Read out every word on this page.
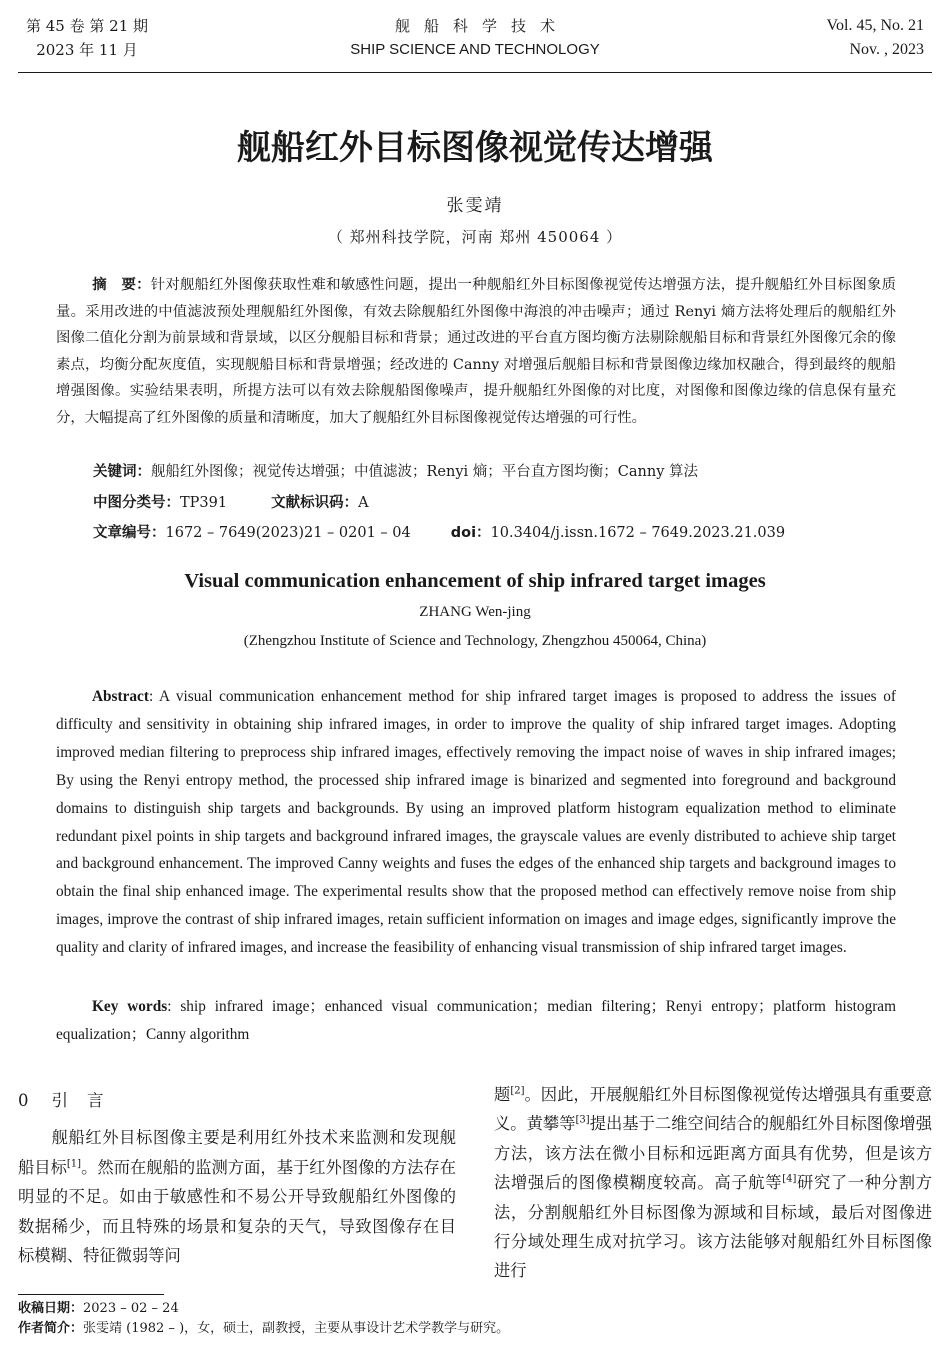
第 45 卷 第 21 期
2023 年 11 月
舰船科学技术
SHIP SCIENCE AND TECHNOLOGY
Vol. 45, No. 21
Nov. , 2023
舰船红外目标图像视觉传达增强
张雯靖
（ 郑州科技学院，河南 郑州 450064 ）
摘　要：针对舰船红外图像获取性难和敏感性问题，提出一种舰船红外目标图像视觉传达增强方法，提升舰船红外目标图象质量。采用改进的中值滤波预处理舰船红外图像，有效去除舰船红外图像中海浪的冲击噪声；通过 Renyi 熵方法将处理后的舰船红外图像二值化分割为前景域和背景域，以区分舰船目标和背景；通过改进的平台直方图均衡方法剔除舰船目标和背景红外图像冗余的像素点，均衡分配灰度值，实现舰船目标和背景增强；经改进的 Canny 对增强后舰船目标和背景图像边缘加权融合，得到最终的舰船增强图像。实验结果表明，所提方法可以有效去除舰船图像噪声，提升舰船红外图像的对比度，对图像和图像边缘的信息保有量充分，大幅提高了红外图像的质量和清晰度，加大了舰船红外目标图像视觉传达增强的可行性。
关键词：舰船红外图像；视觉传达增强；中值滤波；Renyi 熵；平台直方图均衡；Canny 算法
中图分类号：TP391	文献标识码：A
文章编号：1672 – 7649(2023)21 – 0201 – 04	doi：10.3404/j.issn.1672 – 7649.2023.21.039
Visual communication enhancement of ship infrared target images
ZHANG Wen-jing
(Zhengzhou Institute of Science and Technology, Zhengzhou 450064, China)
Abstract: A visual communication enhancement method for ship infrared target images is proposed to address the issues of difficulty and sensitivity in obtaining ship infrared images, in order to improve the quality of ship infrared target images. Adopting improved median filtering to preprocess ship infrared images, effectively removing the impact noise of waves in ship infrared images; By using the Renyi entropy method, the processed ship infrared image is binarized and segmented into foreground and background domains to distinguish ship targets and backgrounds. By using an improved platform histogram equalization method to eliminate redundant pixel points in ship targets and background infrared images, the grayscale values are evenly distributed to achieve ship target and background enhancement. The improved Canny weights and fuses the edges of the enhanced ship targets and background images to obtain the final ship enhanced image. The experimental results show that the proposed method can effectively remove noise from ship images, improve the contrast of ship infrared images, retain sufficient information on images and image edges, significantly improve the quality and clarity of infrared images, and increase the feasibility of enhancing visual transmission of ship infrared target images.
Key words: ship infrared image；enhanced visual communication；median filtering；Renyi entropy；platform histogram equalization；Canny algorithm
0 引 言
舰船红外目标图像主要是利用红外技术来监测和发现舰船目标[1]。然而在舰船的监测方面，基于红外图像的方法存在明显的不足。如由于敏感性和不易公开导致舰船红外图像的数据稀少，而且特殊的场景和复杂的天气，导致图像存在目标模糊、特征微弱等问
题[2]。因此，开展舰船红外目标图像视觉传达增强具有重要意义。黄攀等[3]提出基于二维空间结合的舰船红外目标图像增强方法，该方法在微小目标和远距离方面具有优势，但是该方法增强后的图像模糊度较高。高子航等[4]研究了一种分割方法，分割舰船红外目标图像为源域和目标域，最后对图像进行分域处理生成对抗学习。该方法能够对舰船红外目标图像进行
收稿日期：2023 – 02 – 24
作者简介：张雯靖 (1982 – )，女，硕士，副教授，主要从事设计艺术学教学与研究。
